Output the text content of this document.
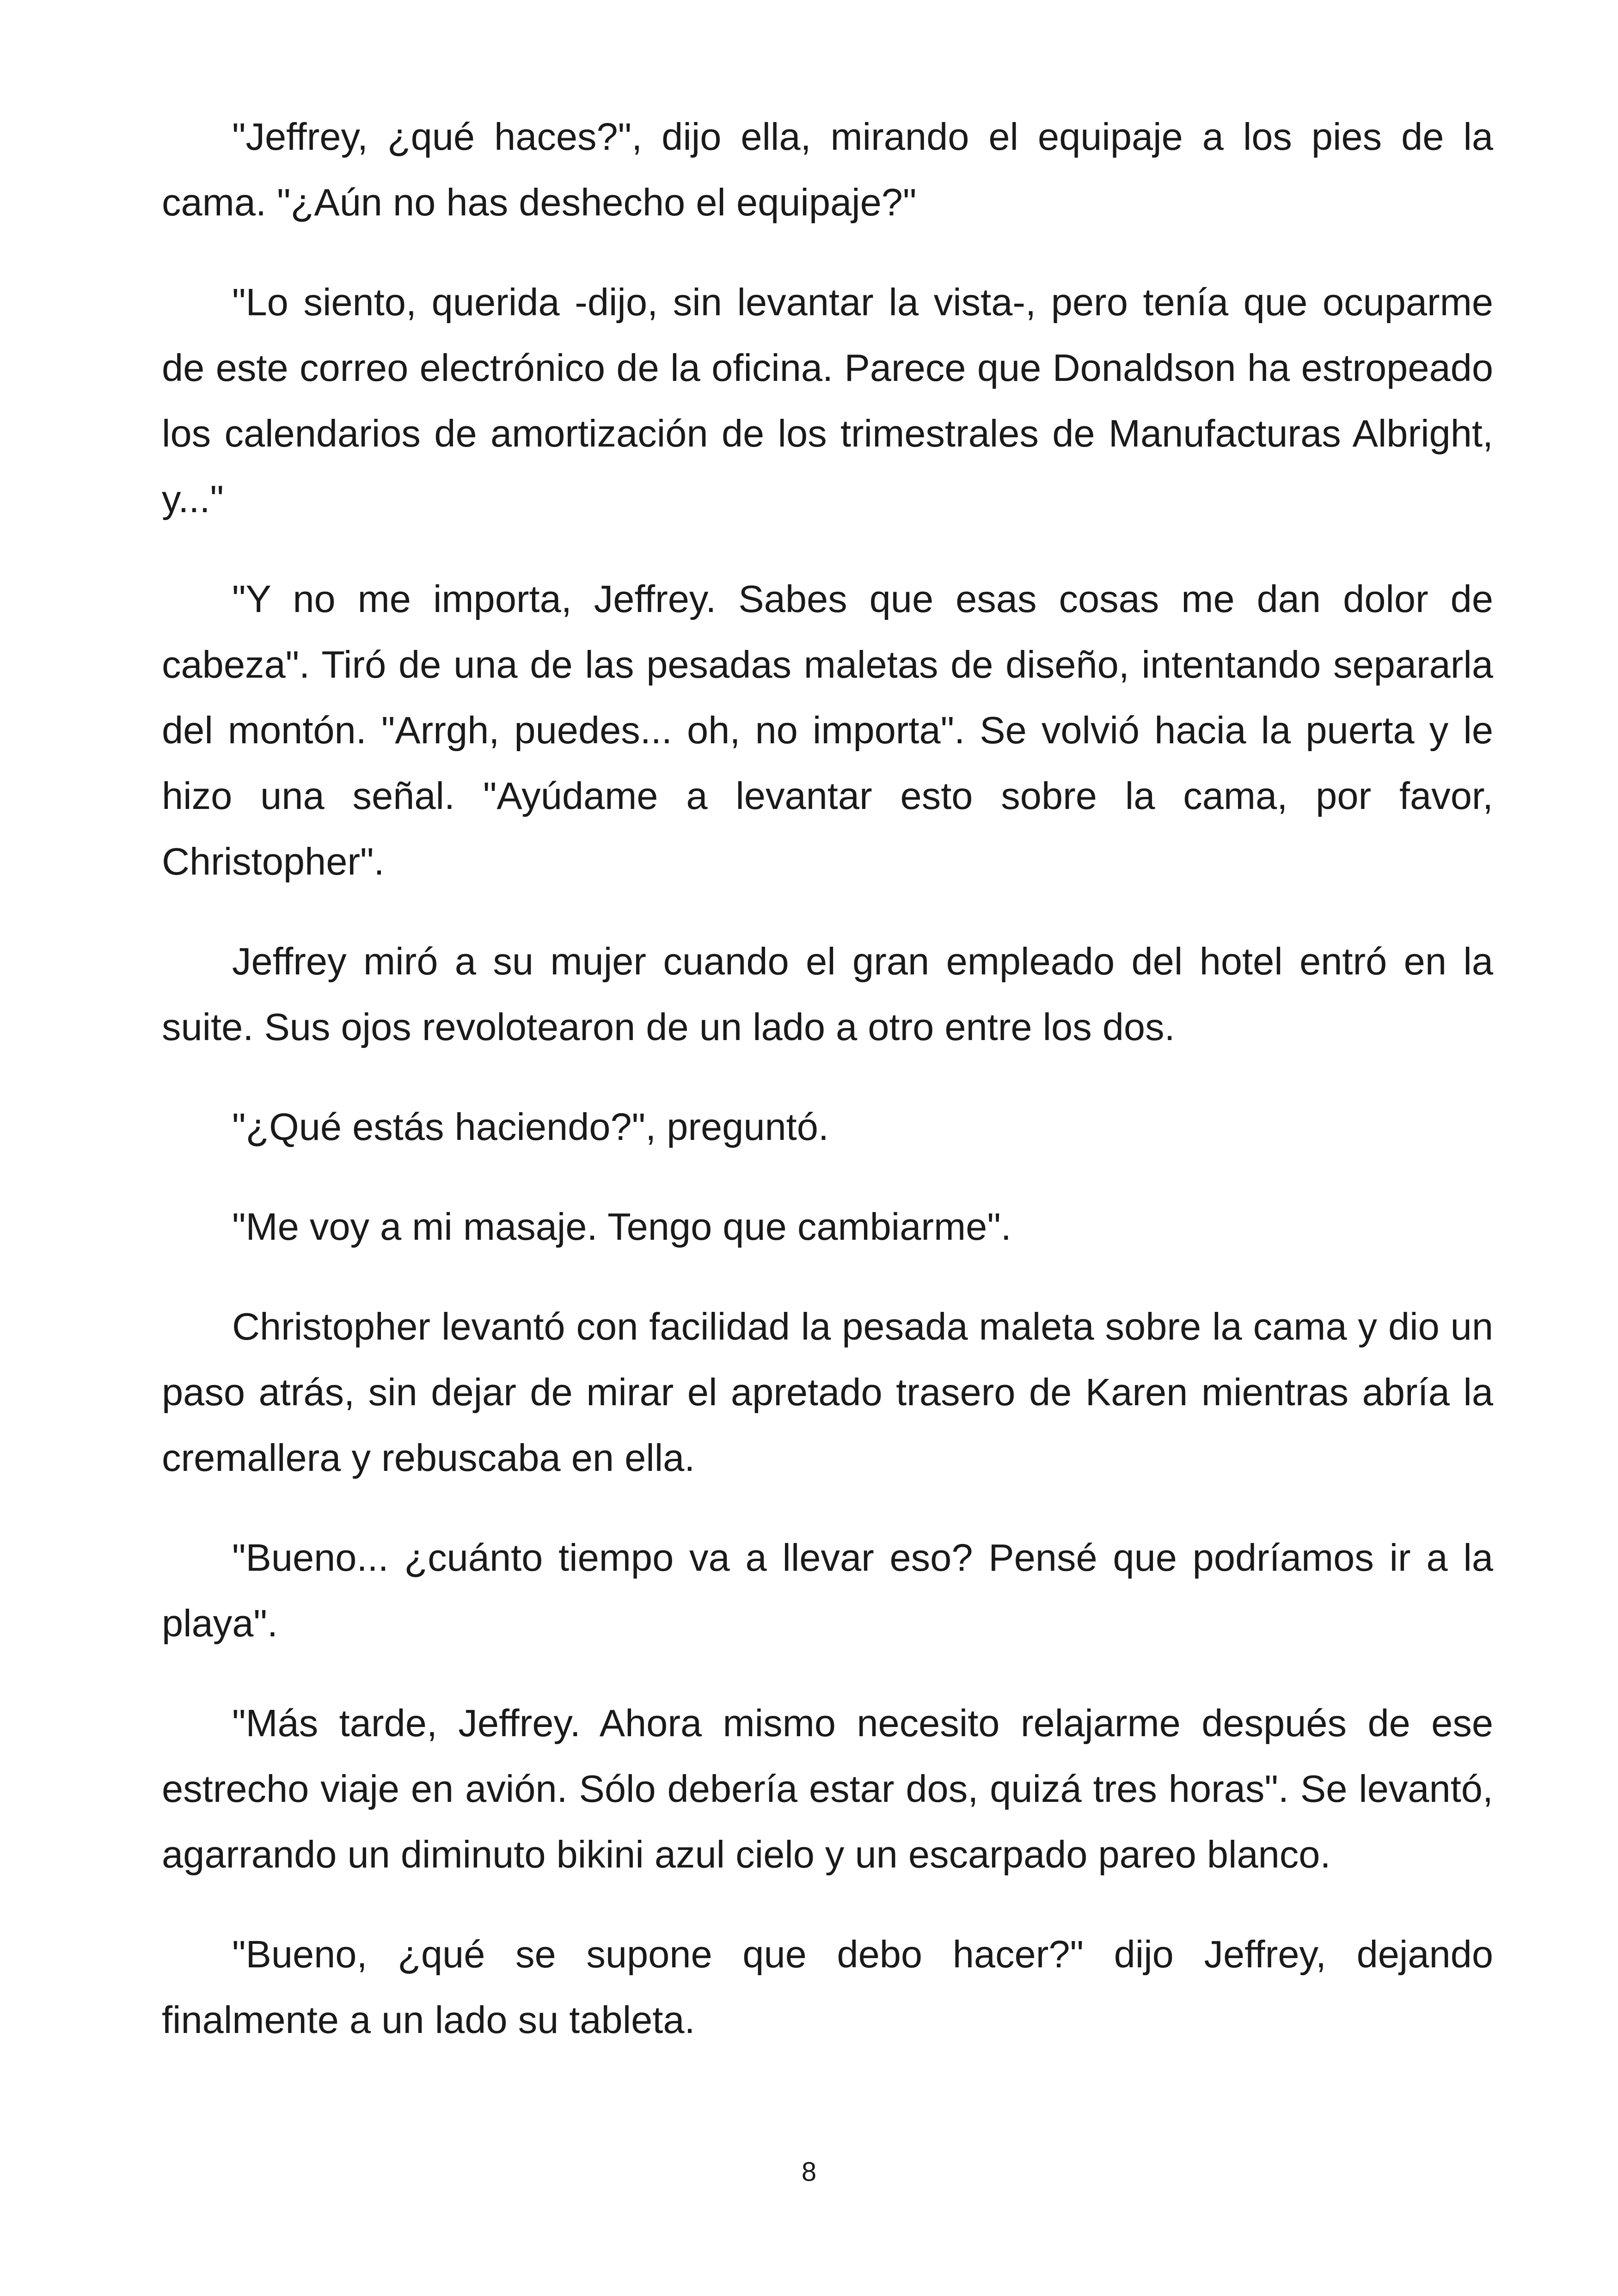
"Jeffrey, ¿qué haces?", dijo ella, mirando el equipaje a los pies de la cama. "¿Aún no has deshecho el equipaje?"

"Lo siento, querida -dijo, sin levantar la vista-, pero tenía que ocuparme de este correo electrónico de la oficina. Parece que Donaldson ha estropeado los calendarios de amortización de los trimestrales de Manufacturas Albright, y..."

"Y no me importa, Jeffrey. Sabes que esas cosas me dan dolor de cabeza". Tiró de una de las pesadas maletas de diseño, intentando separarla del montón. "Arrgh, puedes... oh, no importa". Se volvió hacia la puerta y le hizo una señal. "Ayúdame a levantar esto sobre la cama, por favor, Christopher".

Jeffrey miró a su mujer cuando el gran empleado del hotel entró en la suite. Sus ojos revolotearon de un lado a otro entre los dos.

"¿Qué estás haciendo?", preguntó.

"Me voy a mi masaje. Tengo que cambiarme".

Christopher levantó con facilidad la pesada maleta sobre la cama y dio un paso atrás, sin dejar de mirar el apretado trasero de Karen mientras abría la cremallera y rebuscaba en ella.

"Bueno... ¿cuánto tiempo va a llevar eso? Pensé que podríamos ir a la playa".

"Más tarde, Jeffrey. Ahora mismo necesito relajarme después de ese estrecho viaje en avión. Sólo debería estar dos, quizá tres horas". Se levantó, agarrando un diminuto bikini azul cielo y un escarpado pareo blanco.

"Bueno, ¿qué se supone que debo hacer?" dijo Jeffrey, dejando finalmente a un lado su tableta.

8
